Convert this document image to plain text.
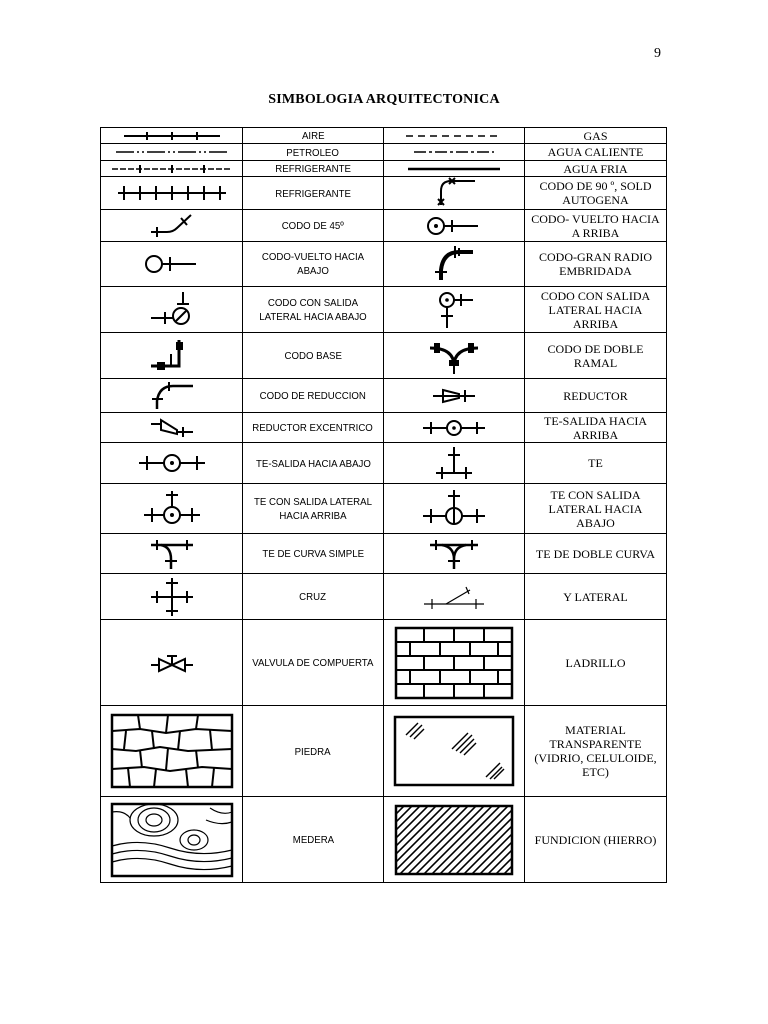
9
SIMBOLOGIA ARQUITECTONICA
	AIRE		GAS

	PETROLEO		AGUA CALIENTE

	REFRIGERANTE		AGUA FRIA

	REFRIGERANTE		CODO DE 90 º, SOLD AUTOGENA

	CODO DE 45º		CODO- VUELTO HACIA A RRIBA

	CODO-VUELTO HACIA ABAJO		CODO-GRAN RADIO EMBRIDADA

	CODO CON SALIDA LATERAL HACIA ABAJO		CODO CON SALIDA LATERAL HACIA ARRIBA

	CODO BASE		CODO DE DOBLE RAMAL

	CODO DE REDUCCION		REDUCTOR

	REDUCTOR EXCENTRICO		TE-SALIDA HACIA ARRIBA

	TE-SALIDA HACIA ABAJO		TE

	TE CON SALIDA LATERAL HACIA ARRIBA		TE CON SALIDA LATERAL HACIA ABAJO

	TE DE CURVA SIMPLE		TE DE DOBLE CURVA

	CRUZ		Y LATERAL

	VALVULA DE COMPUERTA		LADRILLO

	PIEDRA		MATERIAL TRANSPARENTE (VIDRIO, CELULOIDE, ETC)

	MEDERA		FUNDICION (HIERRO)
